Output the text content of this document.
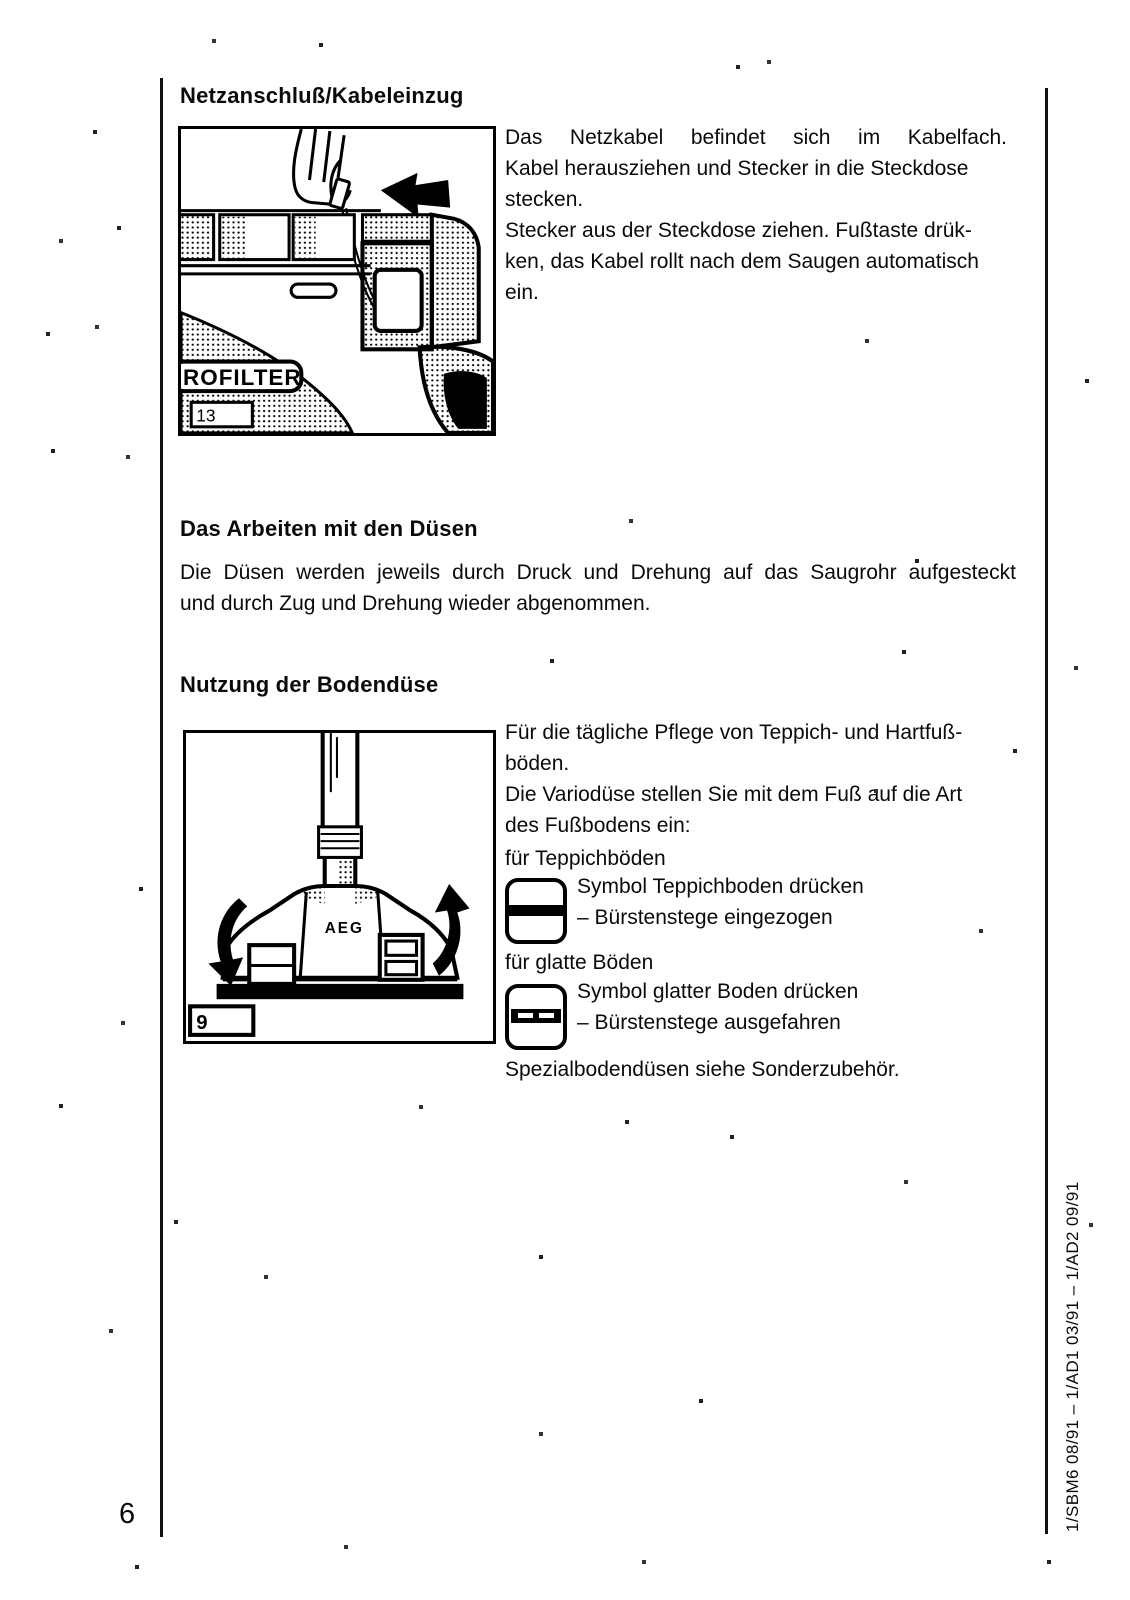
Netzanschluß/Kabeleinzug
ROFILTER
13
Das Netzkabel befindet sich im Kabelfach.
Kabel herausziehen und Stecker in die Steckdose
stecken.
Stecker aus der Steckdose ziehen. Fußtaste drük-
ken, das Kabel rollt nach dem Saugen automatisch
ein.
Das Arbeiten mit den Düsen
Die Düsen werden jeweils durch Druck und Drehung auf das Saugrohr aufgesteckt
und durch Zug und Drehung wieder abgenommen.
Nutzung der Bodendüse
AEG
9
Für die tägliche Pflege von Teppich- und Hartfuß-
böden.
Die Variodüse stellen Sie mit dem Fuß auf die Art
des Fußbodens ein:
für Teppichböden
Symbol Teppichboden drücken
– Bürstenstege eingezogen
für glatte Böden
Symbol glatter Boden drücken
– Bürstenstege ausgefahren
Spezialbodendüsen siehe Sonderzubehör.
1/SBM6 08/91 – 1/AD1 03/91 – 1/AD2 09/91
6
